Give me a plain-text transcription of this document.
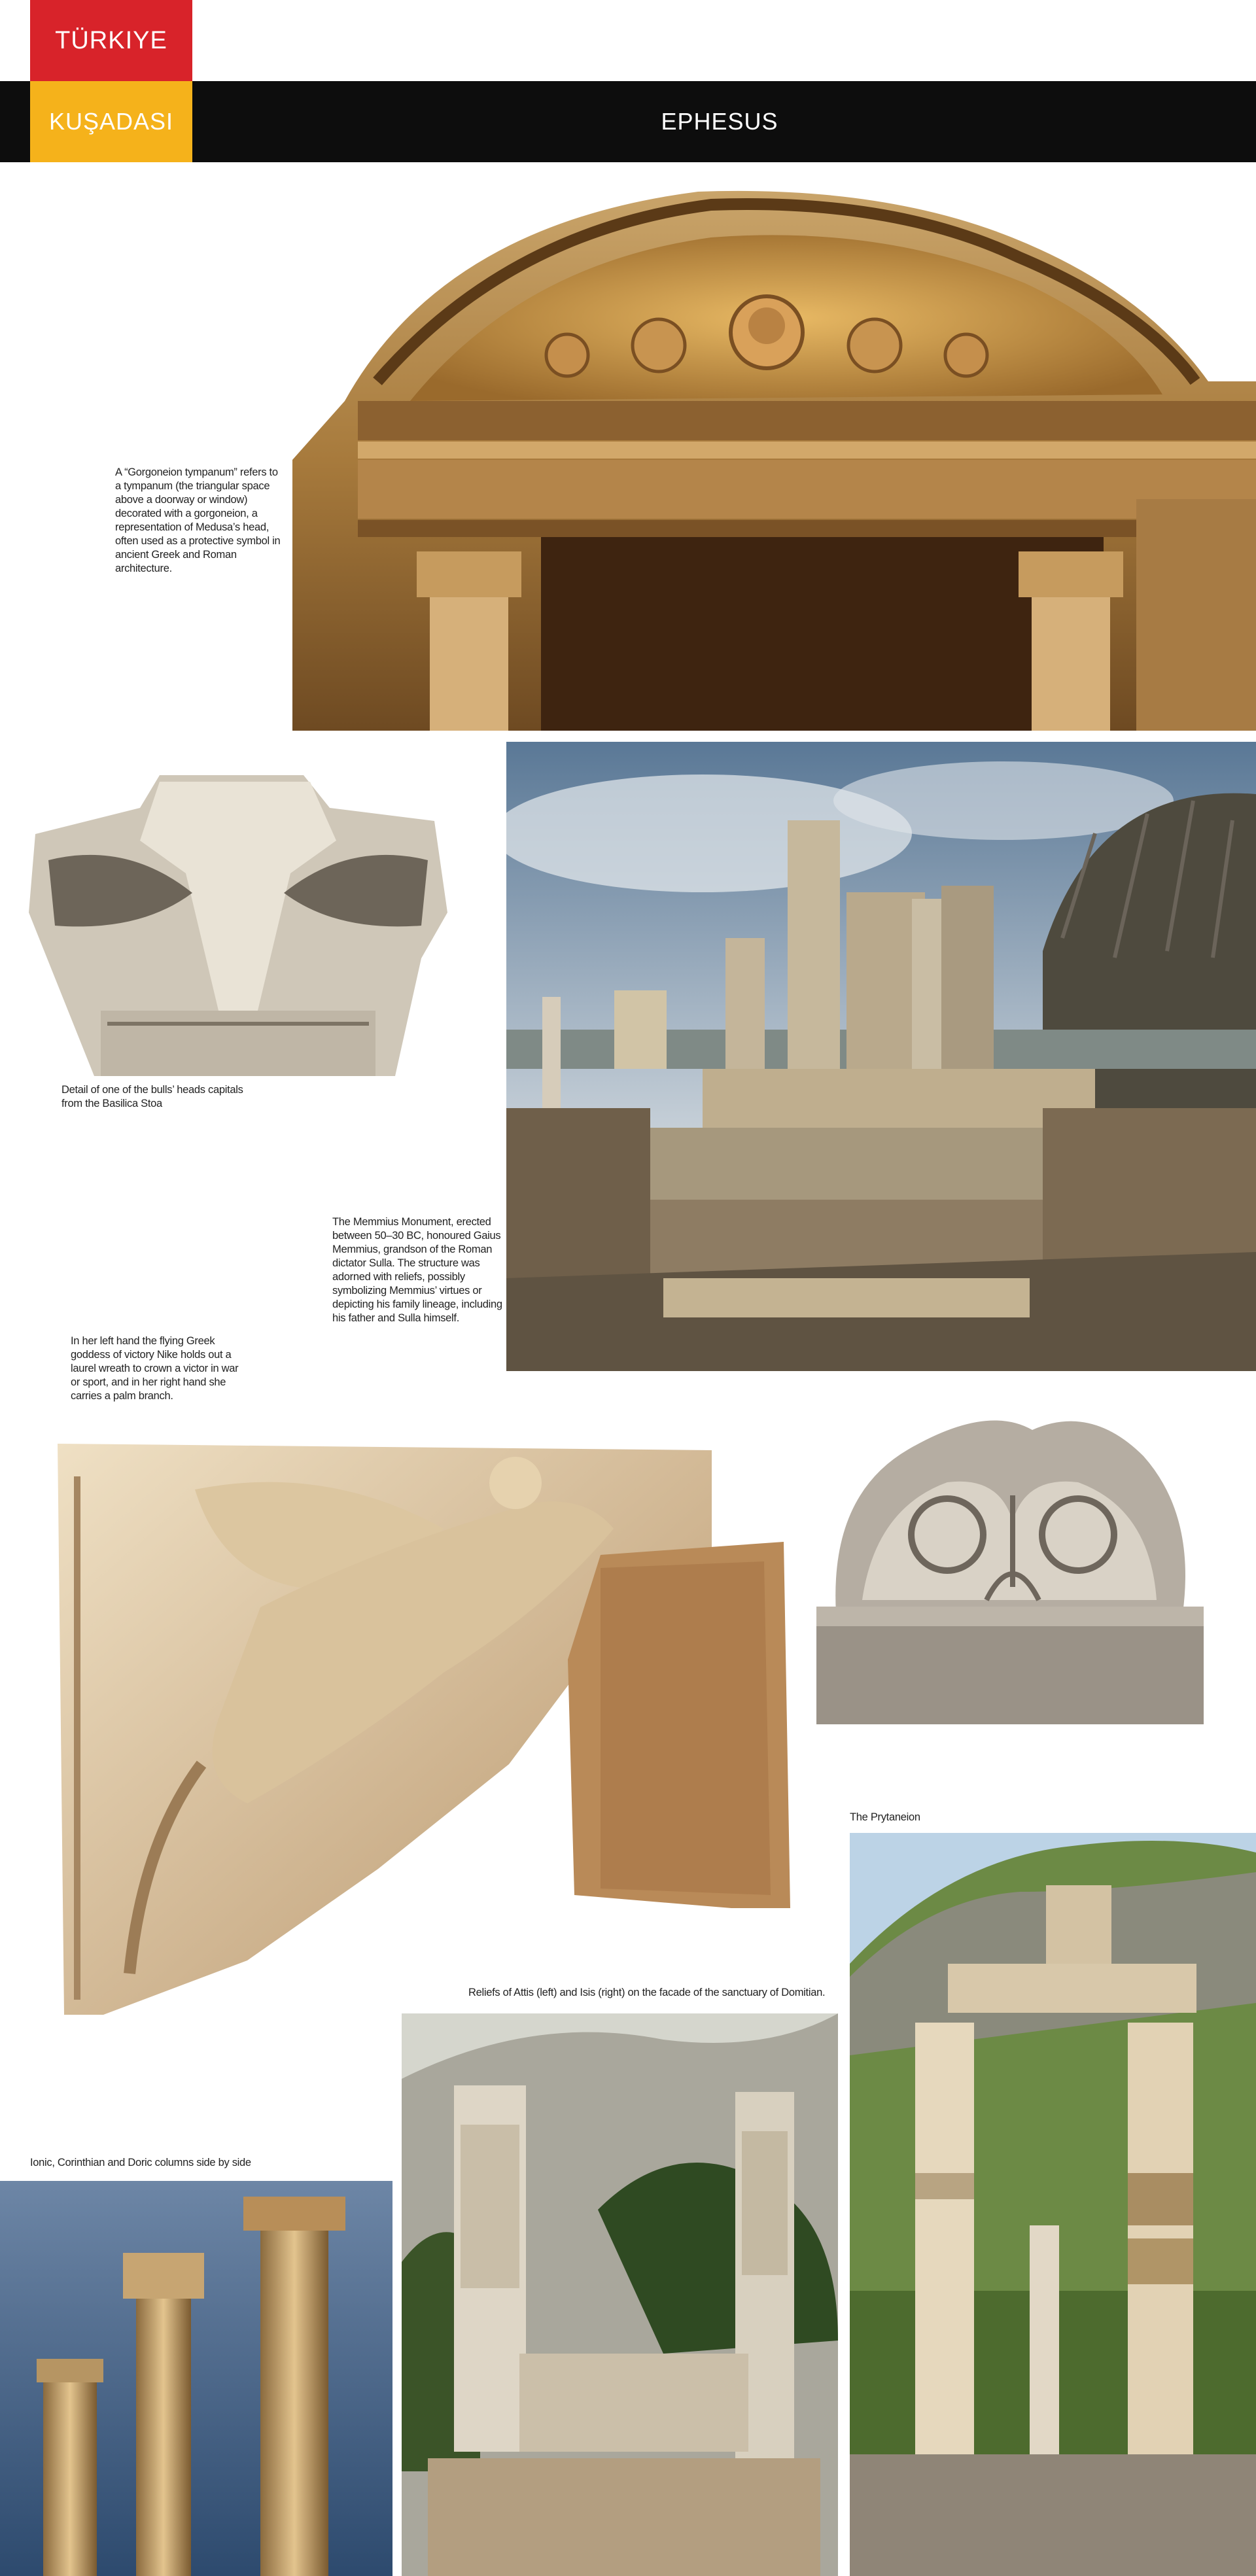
TÜRKIYE
KUŞADASI	EPHESUS
A “Gorgoneion tympanum” refers to a tympanum (the triangular space above a doorway or window) decorated with a gorgoneion, a representation of Medusa’s head, often used as a protective symbol in ancient Greek and Roman architecture.
Detail of one of the bulls’ heads capitals from the Basilica Stoa
The Memmius Monument, erected between 50–30 BC, honoured Gaius Memmius, grandson of the Roman dictator Sulla. The structure was adorned with reliefs, possibly symbolizing Memmius’ virtues or depicting his family lineage, including his father and Sulla himself.
In her left hand the flying Greek goddess of victory Nike holds out a laurel wreath to crown a victor in war or sport, and in her right hand she carries a palm branch.
The Prytaneion
Reliefs of Attis (left) and Isis (right) on the facade of the sanctuary of Domitian.
Ionic, Corinthian and Doric columns side by side
